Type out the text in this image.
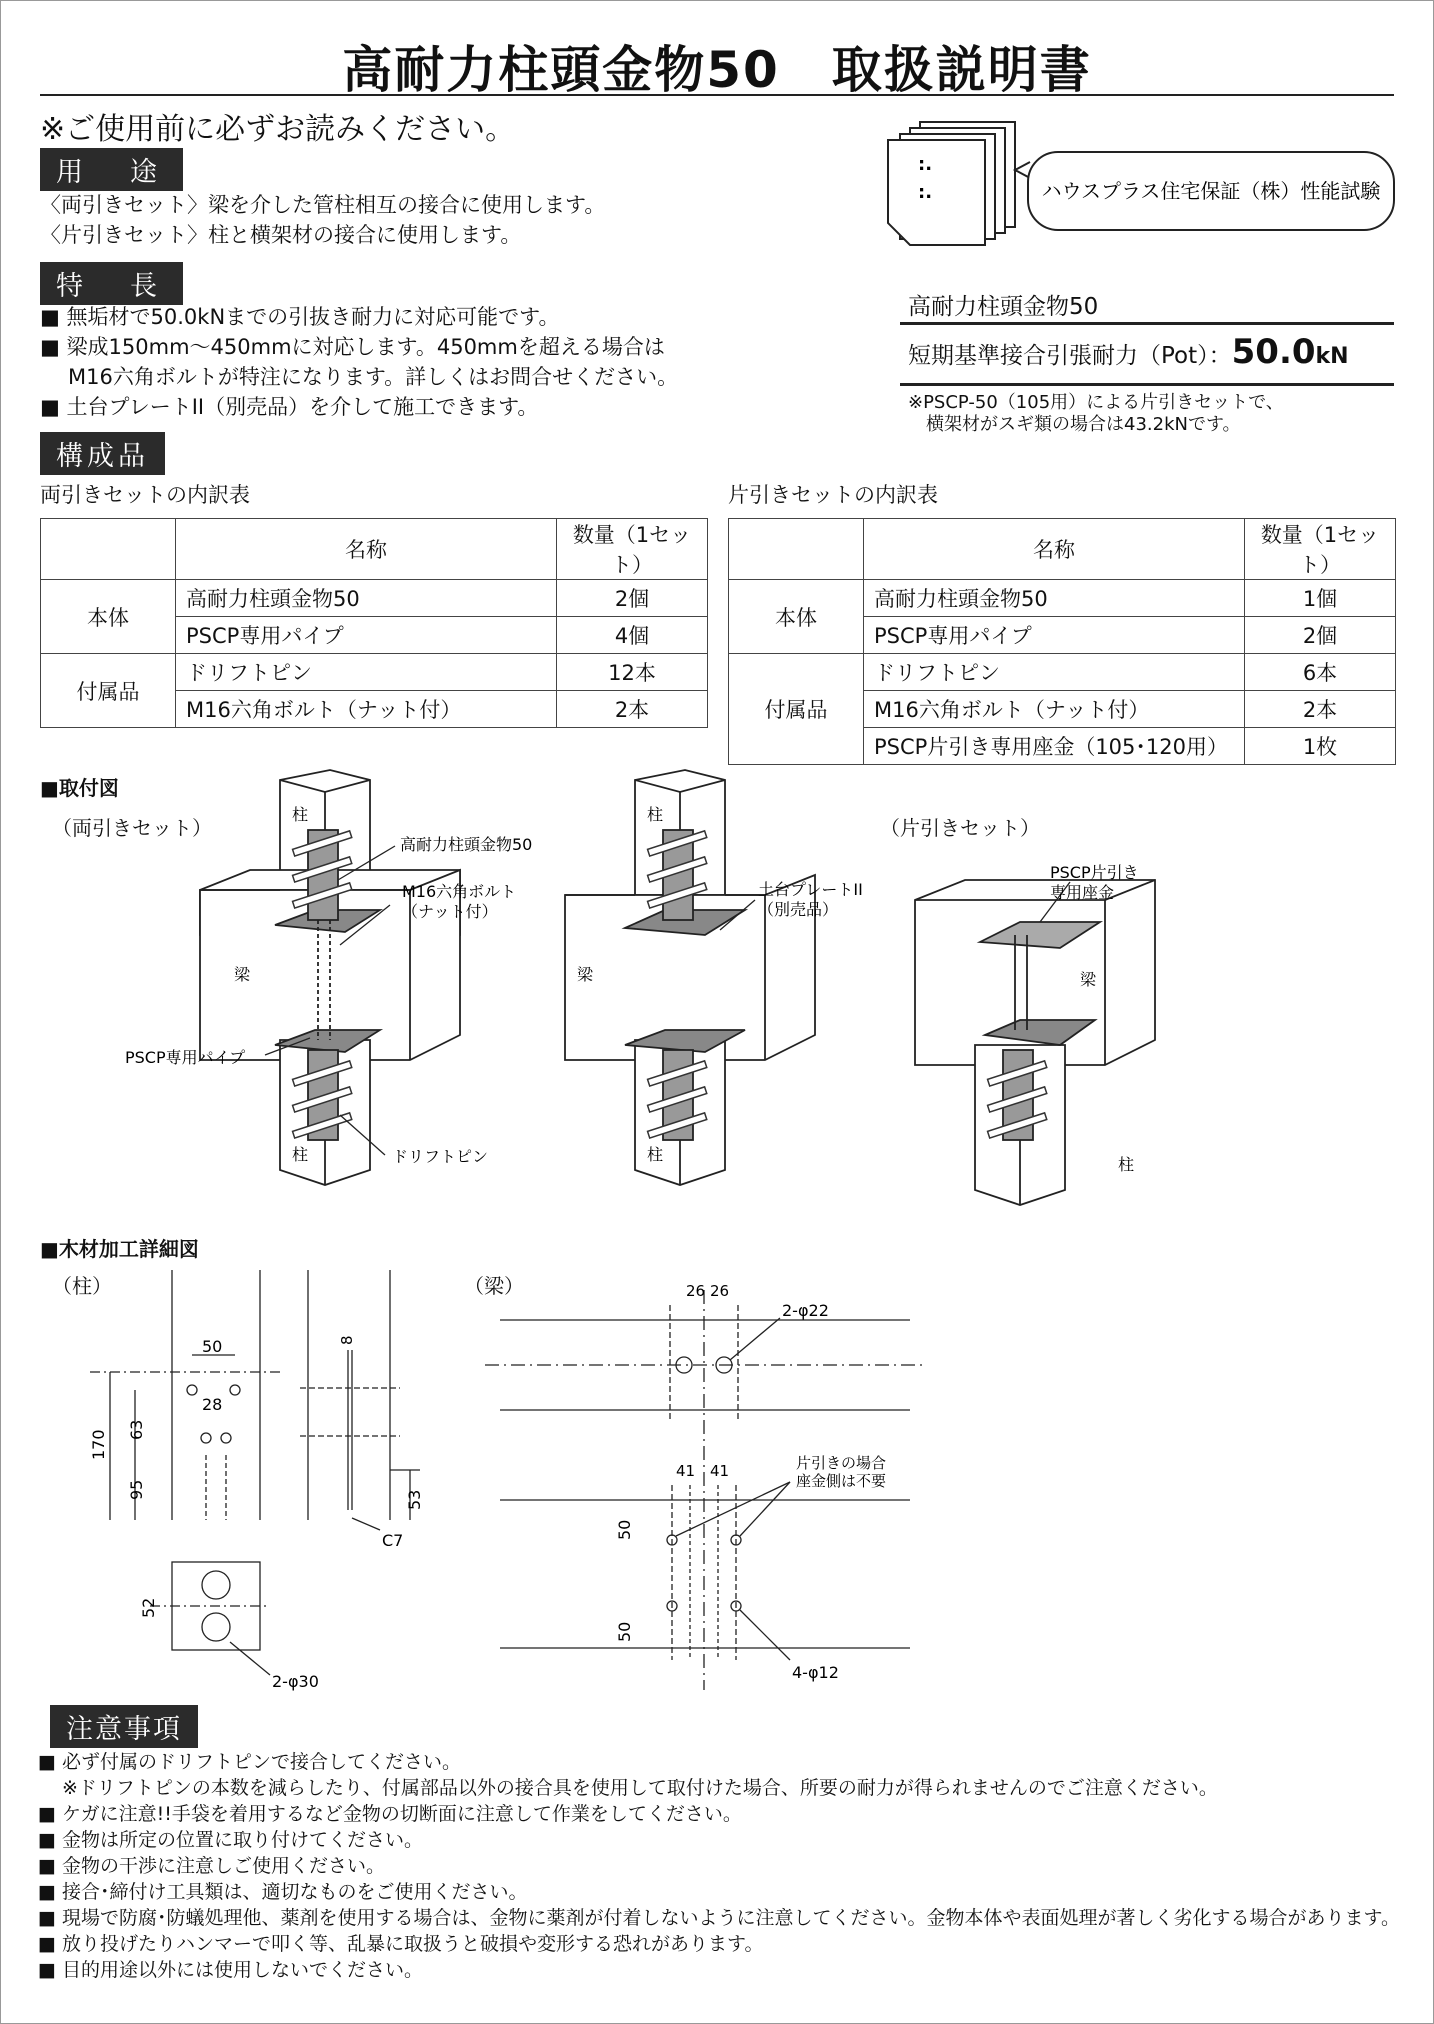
高耐力柱頭金物50　取扱説明書
※ご使用前に必ずお読みください。
用　途
〈両引きセット〉梁を介した管柱相互の接合に使用します。
〈片引きセット〉柱と横架材の接合に使用します。
特　長
■ 無垢材で50.0kNまでの引抜き耐力に対応可能です。
■ 梁成150mm～450mmに対応します。450mmを超える場合は
M16六角ボルトが特注になります。詳しくはお問合せください。
■ 土台プレートII（別売品）を介して施工できます。
:.
:.	ハウスプラス住宅保証（株）性能試験
高耐力柱頭金物50
短期基準接合引張耐力（Pot）：50.0kN
※PSCP-50（105用）による片引きセットで、
　横架材がスギ類の場合は43.2kNです。
構成品
両引きセットの内訳表
	名称	数量（1セット）
本体	高耐力柱頭金物50	2個
	PSCP専用パイプ	4個
付属品	ドリフトピン	12本
	M16六角ボルト（ナット付）	2本
片引きセットの内訳表
	名称	数量（1セット）
本体	高耐力柱頭金物50	1個
	PSCP専用パイプ	2個
付属品	ドリフトピン	6本
	M16六角ボルト（ナット付）	2本
	PSCP片引き専用座金（105･120用）	1枚
■取付図
（両引きセット）	（片引きセット）
柱
梁
柱
高耐力柱頭金物50
M16六角ボルト
（ナット付）
PSCP専用パイプ
ドリフトピン
柱
梁
柱
土台プレートII
（別売品）
梁
柱
PSCP片引き
専用座金
■木材加工詳細図
（柱）	（梁）
50
28
63
95
170
8
53
C7
52
2-φ30
26 26
2-φ22
41 41	片引きの場合
座金側は不要
50
50
4-φ12
注意事項
■ 必ず付属のドリフトピンで接合してください。
※ドリフトピンの本数を減らしたり、付属部品以外の接合具を使用して取付けた場合、所要の耐力が得られませんのでご注意ください。
■ ケガに注意!!手袋を着用するなど金物の切断面に注意して作業をしてください。
■ 金物は所定の位置に取り付けてください。
■ 金物の干渉に注意しご使用ください。
■ 接合･締付け工具類は、適切なものをご使用ください。
■ 現場で防腐･防蟻処理他、薬剤を使用する場合は、金物に薬剤が付着しないように注意してください。金物本体や表面処理が著しく劣化する場合があります。
■ 放り投げたりハンマーで叩く等、乱暴に取扱うと破損や変形する恐れがあります。
■ 目的用途以外には使用しないでください。
